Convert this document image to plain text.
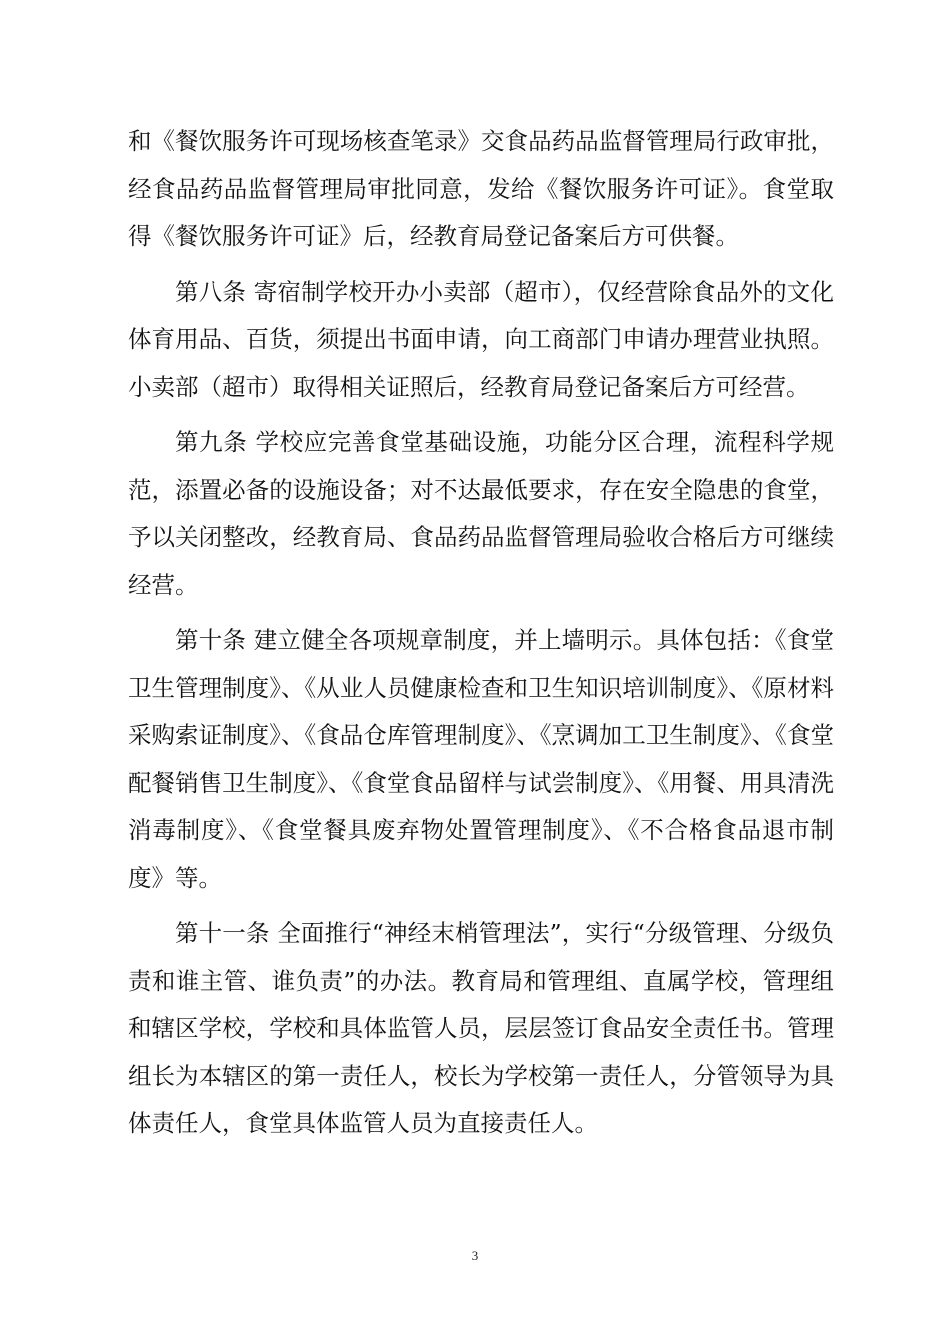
和《餐饮服务许可现场核查笔录》交食品药品监督管理局行政审批，经食品药品监督管理局审批同意，发给《餐饮服务许可证》。食堂取得《餐饮服务许可证》后，经教育局登记备案后方可供餐。

第八条 寄宿制学校开办小卖部（超市），仅经营除食品外的文化体育用品、百货，须提出书面申请，向工商部门申请办理营业执照。小卖部（超市）取得相关证照后，经教育局登记备案后方可经营。

第九条 学校应完善食堂基础设施，功能分区合理，流程科学规范，添置必备的设施设备；对不达最低要求，存在安全隐患的食堂，予以关闭整改，经教育局、食品药品监督管理局验收合格后方可继续经营。

第十条 建立健全各项规章制度，并上墙明示。具体包括：《食堂卫生管理制度》、《从业人员健康检查和卫生知识培训制度》、《原材料采购索证制度》、《食品仓库管理制度》、《烹调加工卫生制度》、《食堂配餐销售卫生制度》、《食堂食品留样与试尝制度》、《用餐、用具清洗消毒制度》、《食堂餐具废弃物处置管理制度》、《不合格食品退市制度》等。

第十一条 全面推行“神经末梢管理法”，实行“分级管理、分级负责和谁主管、谁负责”的办法。教育局和管理组、直属学校，管理组和辖区学校，学校和具体监管人员，层层签订食品安全责任书。管理组长为本辖区的第一责任人，校长为学校第一责任人，分管领导为具体责任人，食堂具体监管人员为直接责任人。

3
